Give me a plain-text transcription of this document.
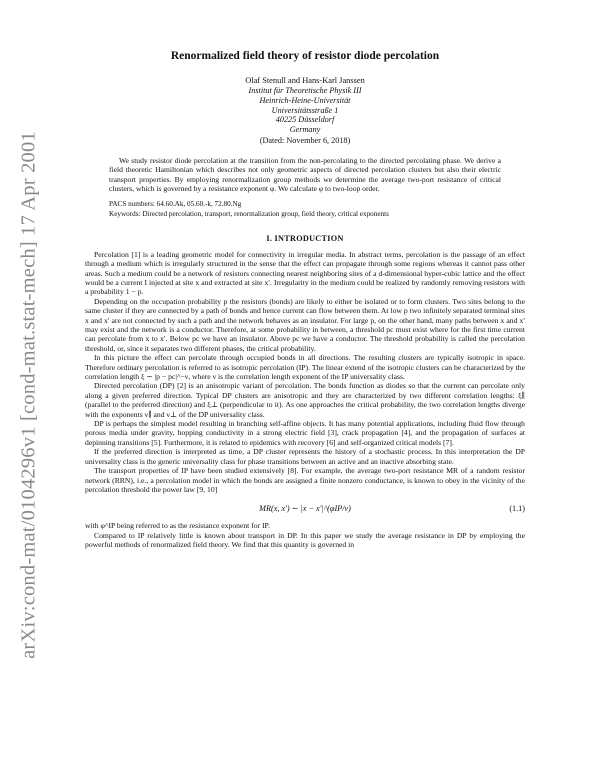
arXiv:cond-mat/0104296v1 [cond-mat.stat-mech] 17 Apr 2001
Renormalized field theory of resistor diode percolation
Olaf Stenull and Hans-Karl Janssen
Institut für Theoretische Physik III
Heinrich-Heine-Universität
Universitätsstraße 1
40225 Düsseldorf
Germany
(Dated: November 6, 2018)

We study resistor diode percolation at the transition from the non-percolating to the directed percolating phase. We derive a field theoretic Hamiltonian which describes not only geometric aspects of directed percolation clusters but also their electric transport properties. By employing renormalization group methods we determine the average two-port resistance of critical clusters, which is governed by a resistance exponent φ. We calculate φ to two-loop order.

PACS numbers: 64.60.Ak, 05.60.-k, 72.80.Ng
Keywords: Directed percolation, transport, renormalization group, field theory, critical exponents
I. INTRODUCTION

Percolation [1] is a leading geometric model for connectivity in irregular media. In abstract terms, percolation is the passage of an effect through a medium which is irregularly structured in the sense that the effect can propagate through some regions whereas it cannot pass other areas. Such a medium could be a network of resistors connecting nearest neighboring sites of a d-dimensional hyper-cubic lattice and the effect would be a current I injected at site x and extracted at site x′. Irregularity in the medium could be realized by randomly removing resistors with a probability 1 − p.

Depending on the occupation probability p the resistors (bonds) are likely to either be isolated or to form clusters. Two sites belong to the same cluster if they are connected by a path of bonds and hence current can flow between them. At low p two infinitely separated terminal sites x and x′ are not connected by such a path and the network behaves as an insulator. For large p, on the other hand, many paths between x and x′ may exist and the network is a conductor. Therefore, at some probability in between, a threshold pc must exist where for the first time current can percolate from x to x′. Below pc we have an insulator. Above pc we have a conductor. The threshold probability is called the percolation threshold, or, since it separates two different phases, the critical probability.

In this picture the effect can percolate through occupied bonds in all directions. The resulting clusters are typically isotropic in space. Therefore ordinary percolation is referred to as isotropic percolation (IP). The linear extend of the isotropic clusters can be characterized by the correlation length ξ ∼ |p − pc|^−ν, where ν is the correlation length exponent of the IP universality class.

Directed percolation (DP) [2] is an anisotropic variant of percolation. The bonds function as diodes so that the current can percolate only along a given preferred direction. Typical DP clusters are anisotropic and they are characterized by two different correlation lengths: ξ∥ (parallel to the preferred direction) and ξ⊥ (perpendicular to it). As one approaches the critical probability, the two correlation lengths diverge with the exponents ν∥ and ν⊥ of the DP universality class.

DP is perhaps the simplest model resulting in branching self-affine objects. It has many potential applications, including fluid flow through porous media under gravity, hopping conductivity in a strong electric field [3], crack propagation [4], and the propagation of surfaces at depinning transitions [5]. Furthermore, it is related to epidemics with recovery [6] and self-organized critical models [7].

If the preferred direction is interpreted as time, a DP cluster represents the history of a stochastic process. In this interpretation the DP universality class is the generic universality class for phase transitions between an active and an inactive absorbing state.

The transport properties of IP have been studied extensively [8]. For example, the average two-port resistance MR of a random resistor network (RRN), i.e., a percolation model in which the bonds are assigned a finite nonzero conductance, is known to obey in the vicinity of the percolation threshold the power law [9, 10]

MR(x, x′) ∼ |x − x′|^(φIP/ν)	(1.1)

with φ^IP being referred to as the resistance exponent for IP.

Compared to IP relatively little is known about transport in DP. In this paper we study the average resistance in DP by employing the powerful methods of renormalized field theory. We find that this quantity is governed in
